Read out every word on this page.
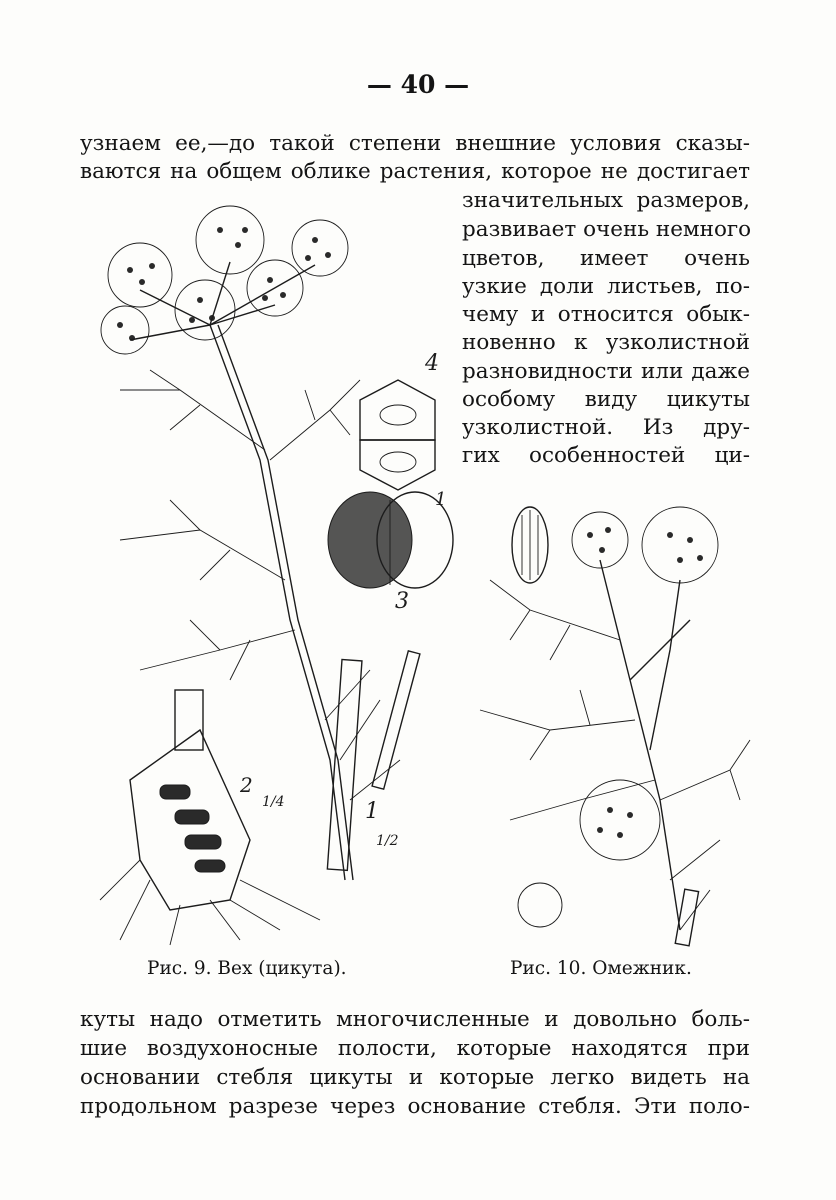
— 40 —
узнаем ее,—до такой степени внешние условия сказы-
ваются на общем облике растения, которое не достигает
значительных размеров,
развивает очень немного
цветов, имеет очень
узкие доли листьев, по-
чему и относится обык-
новенно к узколистной
разновидности или даже
особому виду цикуты
узколистной. Из дру-
гих особенностей ци-
4
1
3
2
1/4	1
1/2
Рис. 9. Вех (цикута).	Рис. 10. Омежник.
куты надо отметить многочисленные и довольно боль-
шие воздухоносные полости, которые находятся при
основании стебля цикуты и которые легко видеть на
продольном разрезе через основание стебля. Эти поло-
